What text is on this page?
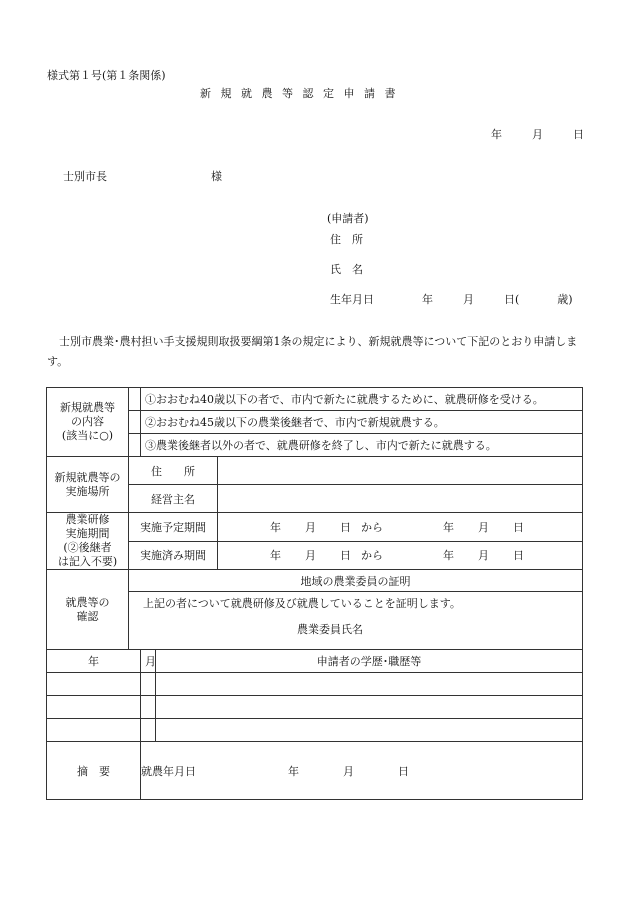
様式第１号(第１条関係)
新規就農等認定申請書
年	月	日
士別市長	様
(申請者)
住　所
氏　名
生年月日	年	月	日(	歳)
士別市農業･農村担い手支援規則取扱要綱第1条の規定により、新規就農等について下記のとおり申請します。
新規就農等
の内容
(該当に○)		①おおむね40歳以下の者で、市内で新たに就農するために、就農研修を受ける。		
		②おおむね45歳以下の農業後継者で、市内で新規就農する。		
		③農業後継者以外の者で、就農研修を終了し、市内で新たに就農する。		

新規就農等の
実施場所	住　　所			
	経営主名			

農業研修
実施期間
(②後継者
は記入不要)	実施予定期間			年 月 日 から 年 月 日
	実施済み期間			年 月 日 から 年 月 日

就農等の
確認	地域の農業委員の証明			

	上記の者について就農研修及び就農していることを証明します。
農業委員氏名			

年		月	申請者の学歴･職歴等	

摘　要		就農年月日 年 月 日		
